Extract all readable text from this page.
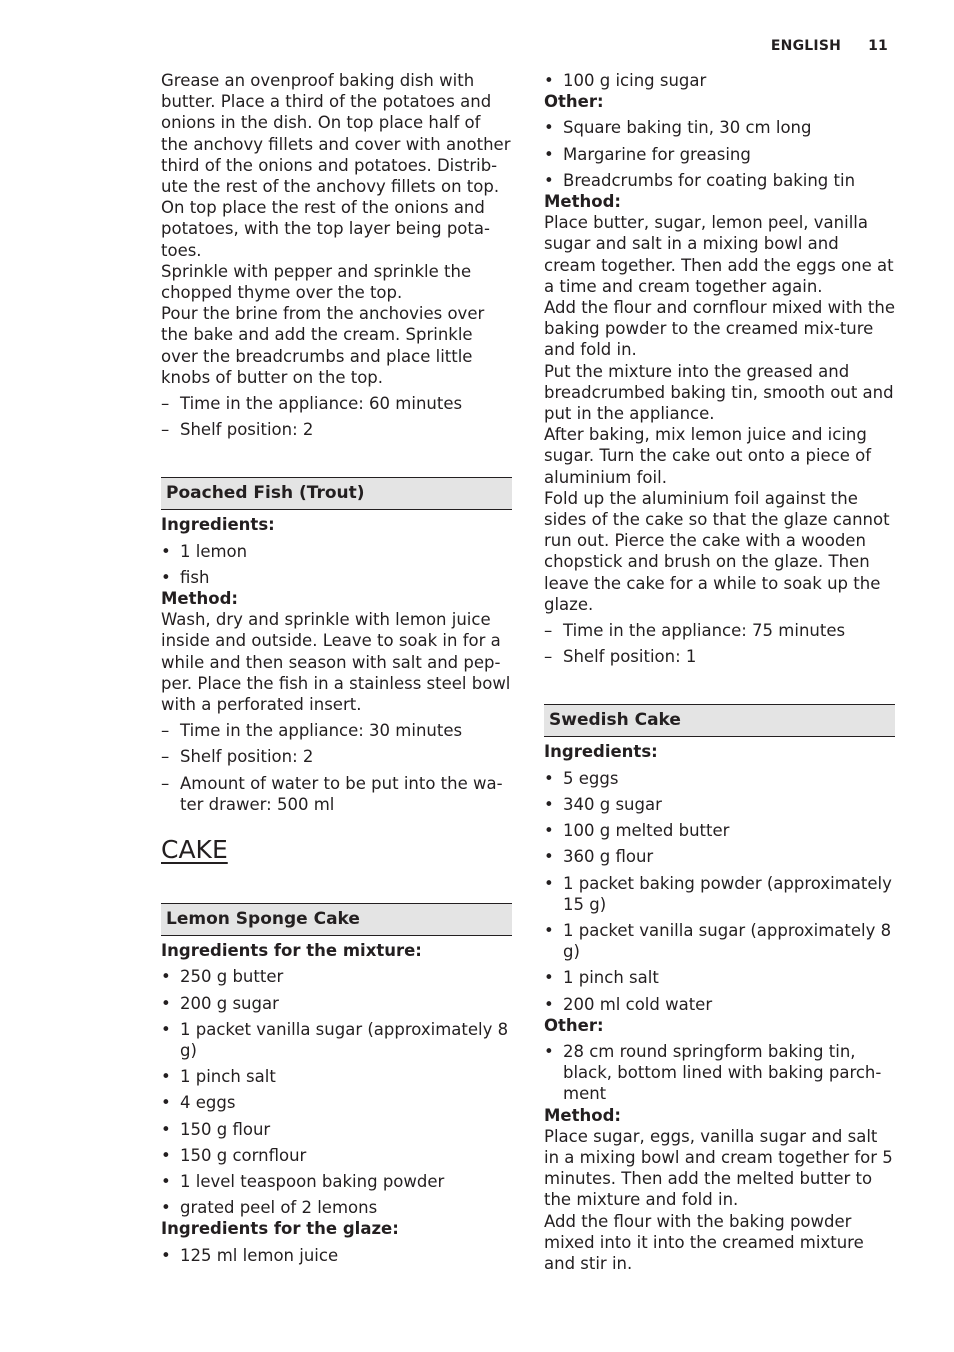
ENGLISH 11

Grease an ovenproof baking dish with butter. Place a third of the potatoes and onions in the dish. On top place half of the anchovy fillets and cover with another third of the onions and potatoes. Distrib-ute the rest of the anchovy fillets on top. On top place the rest of the onions and potatoes, with the top layer being pota-toes.

Sprinkle with pepper and sprinkle the chopped thyme over the top.

Pour the brine from the anchovies over the bake and add the cream. Sprinkle over the breadcrumbs and place little knobs of butter on the top.

– Time in the appliance: 60 minutes
– Shelf position: 2
Poached Fish (Trout)

Ingredients:

• 1 lemon
• fish

Method:

Wash, dry and sprinkle with lemon juice inside and outside. Leave to soak in for a while and then season with salt and pep-per. Place the fish in a stainless steel bowl with a perforated insert.

– Time in the appliance: 30 minutes
– Shelf position: 2
– Amount of water to be put into the wa-ter drawer: 500 ml

CAKE

Lemon Sponge Cake

Ingredients for the mixture:

• 250 g butter
• 200 g sugar
• 1 packet vanilla sugar (approximately 8 g)
• 1 pinch salt
• 4 eggs
• 150 g flour
• 150 g cornflour
• 1 level teaspoon baking powder
• grated peel of 2 lemons

Ingredients for the glaze:

• 125 ml lemon juice
• 100 g icing sugar

Other:

• Square baking tin, 30 cm long
• Margarine for greasing
• Breadcrumbs for coating baking tin

Method:

Place butter, sugar, lemon peel, vanilla sugar and salt in a mixing bowl and cream together. Then add the eggs one at a time and cream together again.

Add the flour and cornflour mixed with the baking powder to the creamed mix-ture and fold in.

Put the mixture into the greased and breadcrumbed baking tin, smooth out and put in the appliance.

After baking, mix lemon juice and icing sugar. Turn the cake out onto a piece of aluminium foil.

Fold up the aluminium foil against the sides of the cake so that the glaze cannot run out. Pierce the cake with a wooden chopstick and brush on the glaze. Then leave the cake for a while to soak up the glaze.

– Time in the appliance: 75 minutes
– Shelf position: 1
Swedish Cake

Ingredients:

• 5 eggs
• 340 g sugar
• 100 g melted butter
• 360 g flour
• 1 packet baking powder (approximately 15 g)
• 1 packet vanilla sugar (approximately 8 g)
• 1 pinch salt
• 200 ml cold water

Other:

• 28 cm round springform baking tin, black, bottom lined with baking parch-ment

Method:

Place sugar, eggs, vanilla sugar and salt in a mixing bowl and cream together for 5 minutes. Then add the melted butter to the mixture and fold in.

Add the flour with the baking powder mixed into it into the creamed mixture and stir in.
